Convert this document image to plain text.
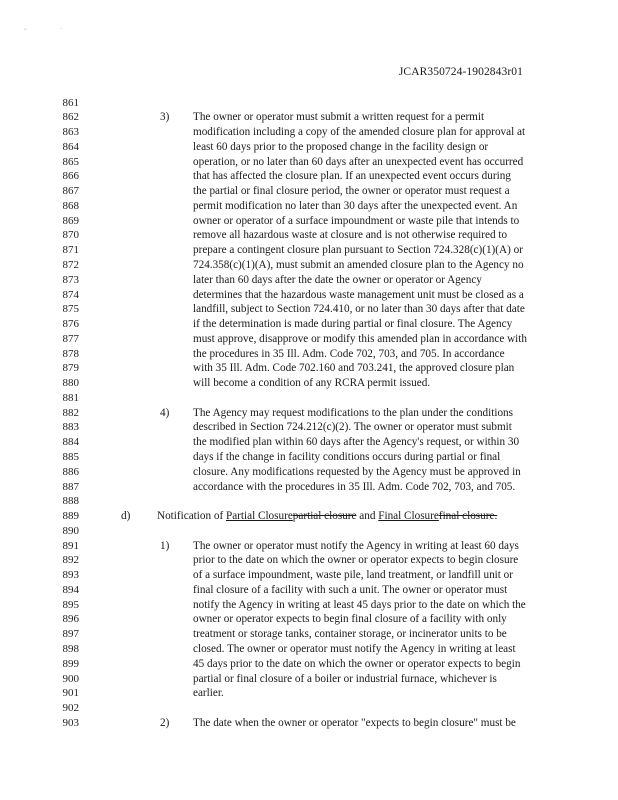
‘	˙
JCAR350724-1902843r01
861
862	3) The owner or operator must submit a written request for a permit
863	modification including a copy of the amended closure plan for approval at
864	least 60 days prior to the proposed change in the facility design or
865	operation, or no later than 60 days after an unexpected event has occurred
866	that has affected the closure plan. If an unexpected event occurs during
867	the partial or final closure period, the owner or operator must request a
868	permit modification no later than 30 days after the unexpected event. An
869	owner or operator of a surface impoundment or waste pile that intends to
870	remove all hazardous waste at closure and is not otherwise required to
871	prepare a contingent closure plan pursuant to Section 724.328(c)(1)(A) or
872	724.358(c)(1)(A), must submit an amended closure plan to the Agency no
873	later than 60 days after the date the owner or operator or Agency
874	determines that the hazardous waste management unit must be closed as a
875	landfill, subject to Section 724.410, or no later than 30 days after that date
876	if the determination is made during partial or final closure. The Agency
877	must approve, disapprove or modify this amended plan in accordance with
878	the procedures in 35 Ill. Adm. Code 702, 703, and 705. In accordance
879	with 35 Ill. Adm. Code 702.160 and 703.241, the approved closure plan
880	will become a condition of any RCRA permit issued.
881
882	4) The Agency may request modifications to the plan under the conditions
883	described in Section 724.212(c)(2). The owner or operator must submit
884	the modified plan within 60 days after the Agency's request, or within 30
885	days if the change in facility conditions occurs during partial or final
886	closure. Any modifications requested by the Agency must be approved in
887	accordance with the procedures in 35 Ill. Adm. Code 702, 703, and 705.
888
889	d) Notification of Partial Closurepartial closure and Final Closurefinal closure.
890
891	1) The owner or operator must notify the Agency in writing at least 60 days
892	prior to the date on which the owner or operator expects to begin closure
893	of a surface impoundment, waste pile, land treatment, or landfill unit or
894	final closure of a facility with such a unit. The owner or operator must
895	notify the Agency in writing at least 45 days prior to the date on which the
896	owner or operator expects to begin final closure of a facility with only
897	treatment or storage tanks, container storage, or incinerator units to be
898	closed. The owner or operator must notify the Agency in writing at least
899	45 days prior to the date on which the owner or operator expects to begin
900	partial or final closure of a boiler or industrial furnace, whichever is
901	earlier.
902
903	2) The date when the owner or operator "expects to begin closure" must be
